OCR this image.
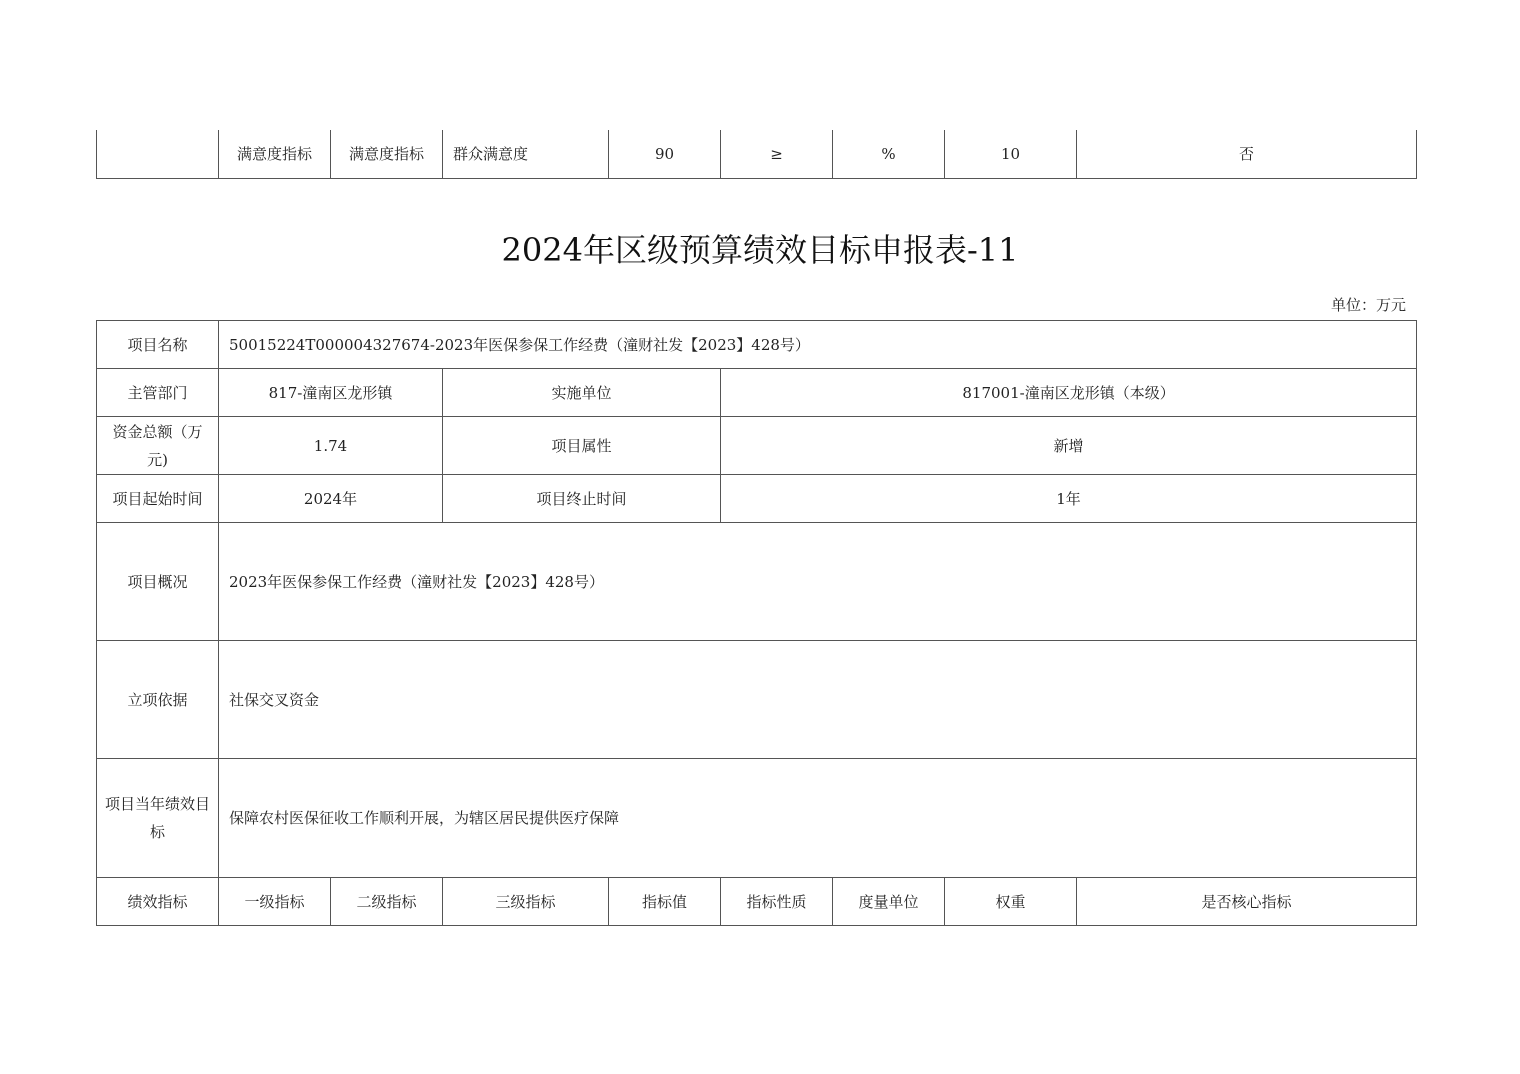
	满意度指标	满意度指标	群众满意度	90	≥	%	10	否
2024年区级预算绩效目标申报表-11
单位：万元
项目名称	50015224T000004327674-2023年医保参保工作经费（潼财社发【2023】428号）							
主管部门	817-潼南区龙形镇		实施单位		817001-潼南区龙形镇（本级）			
资金总额（万元)	1.74		项目属性		新增			
项目起始时间	2024年		项目终止时间		1年			
项目概况	2023年医保参保工作经费（潼财社发【2023】428号）							
立项依据	社保交叉资金							
项目当年绩效目标	保障农村医保征收工作顺利开展，为辖区居民提供医疗保障							
绩效指标	一级指标	二级指标	三级指标	指标值	指标性质	度量单位	权重	是否核心指标
